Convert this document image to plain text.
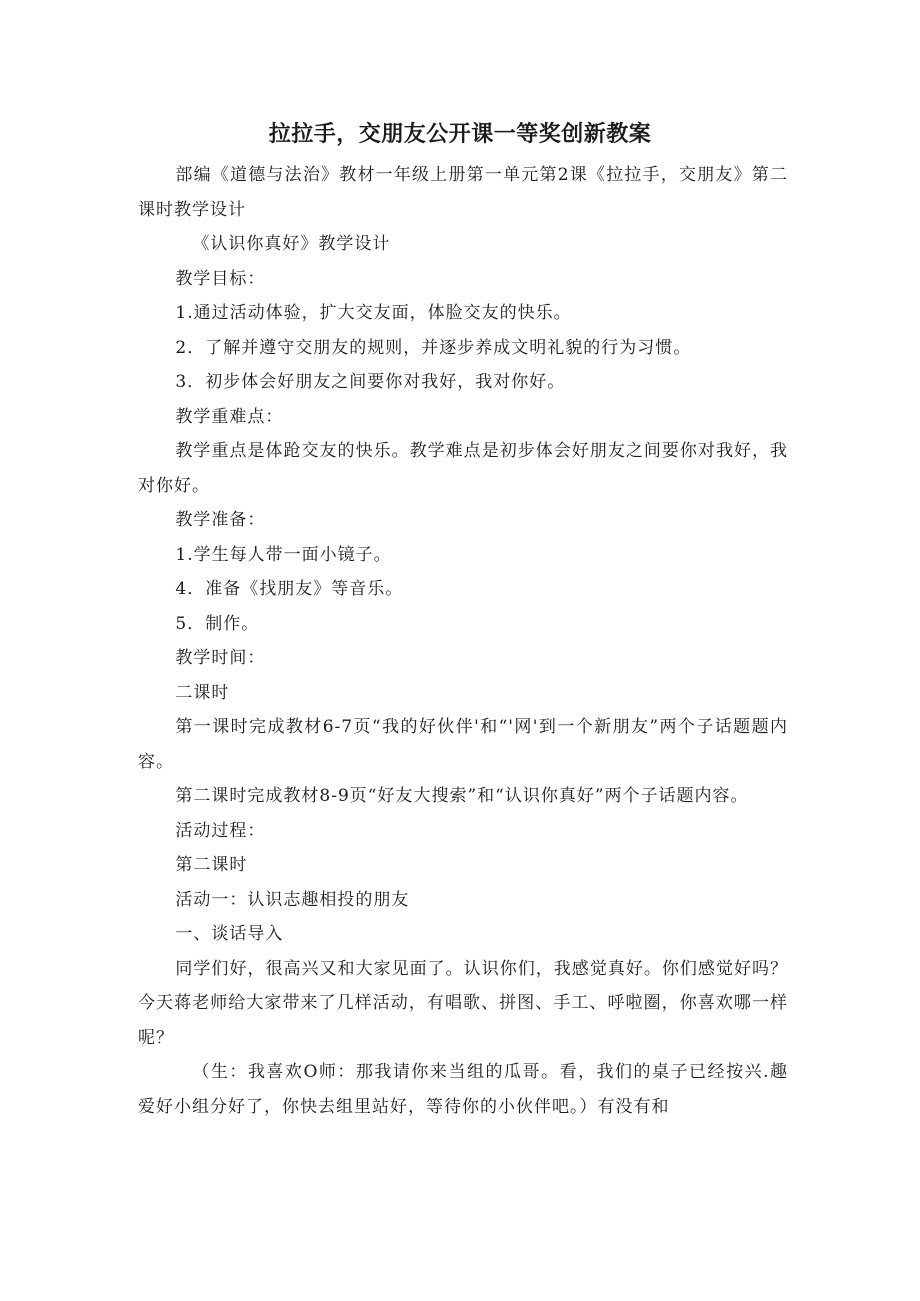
拉拉手，交朋友公开课一等奖创新教案

部编《道德与法治》教材一年级上册第一单元第2课《拉拉手，交朋友》第二课时教学设计

《认识你真好》教学设计

教学目标：

1.通过活动体验，扩大交友面，体脸交友的快乐。

2．了解并遵守交朋友的规则，并逐步养成文明礼貌的行为习惯。

3．初步体会好朋友之间要你对我好，我对你好。

教学重难点：

教学重点是体跄交友的快乐。教学难点是初步体会好朋友之间要你对我好，我对你好。

教学准备：

1.学生每人带一面小镜子。

4．准备《找朋友》等音乐。

5．制作。

教学时间：

二课时

第一课时完成教材6-7页“我的好伙伴'和“'网'到一个新朋友”两个子话题题内容。

第二课时完成教材8-9页“好友大搜索”和“认识你真好”两个子话题内容。

活动过程：

第二课时

活动一：认识志趣相投的朋友

一、谈话导入

同学们好，很高兴又和大家见面了。认识你们，我感觉真好。你们感觉好吗？今天蒋老师给大家带来了几样活动，有唱歌、拼图、手工、呼啦圈，你喜欢哪一样呢？

（生：我喜欢O师：那我请你来当组的瓜哥。看，我们的桌子已经按兴.趣爱好小组分好了，你快去组里站好，等待你的小伙伴吧。）有没有和
